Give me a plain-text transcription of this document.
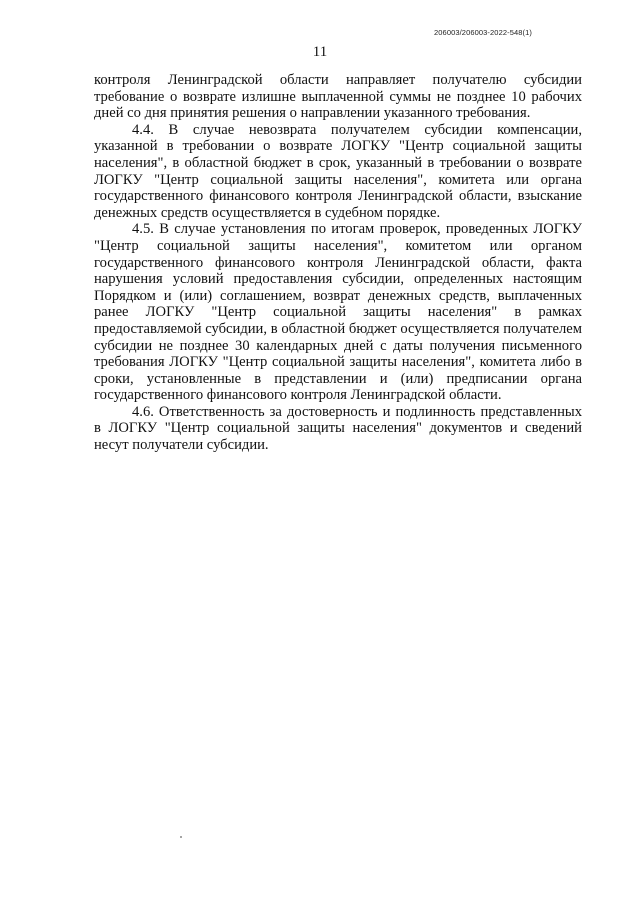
206003/206003-2022-548(1)
11

контроля Ленинградской области направляет получателю субсидии требование о возврате излишне выплаченной суммы не позднее 10 рабочих дней со дня принятия решения о направлении указанного требования.

4.4. В случае невозврата получателем субсидии компенсации, указанной в требовании о возврате ЛОГКУ "Центр социальной защиты населения", в областной бюджет в срок, указанный в требовании о возврате ЛОГКУ "Центр социальной защиты населения", комитета или органа государственного финансового контроля Ленинградской области, взыскание денежных средств осуществляется в судебном порядке.

4.5. В случае установления по итогам проверок, проведенных ЛОГКУ "Центр социальной защиты населения", комитетом или органом государственного финансового контроля Ленинградской области, факта нарушения условий предоставления субсидии, определенных настоящим Порядком и (или) соглашением, возврат денежных средств, выплаченных ранее ЛОГКУ "Центр социальной защиты населения" в рамках предоставляемой субсидии, в областной бюджет осуществляется получателем субсидии не позднее 30 календарных дней с даты получения письменного требования ЛОГКУ "Центр социальной защиты населения", комитета либо в сроки, установленные в представлении и (или) предписании органа государственного финансового контроля Ленинградской области.

4.6. Ответственность за достоверность и подлинность представленных в ЛОГКУ "Центр социальной защиты населения" документов и сведений несут получатели субсидии.
